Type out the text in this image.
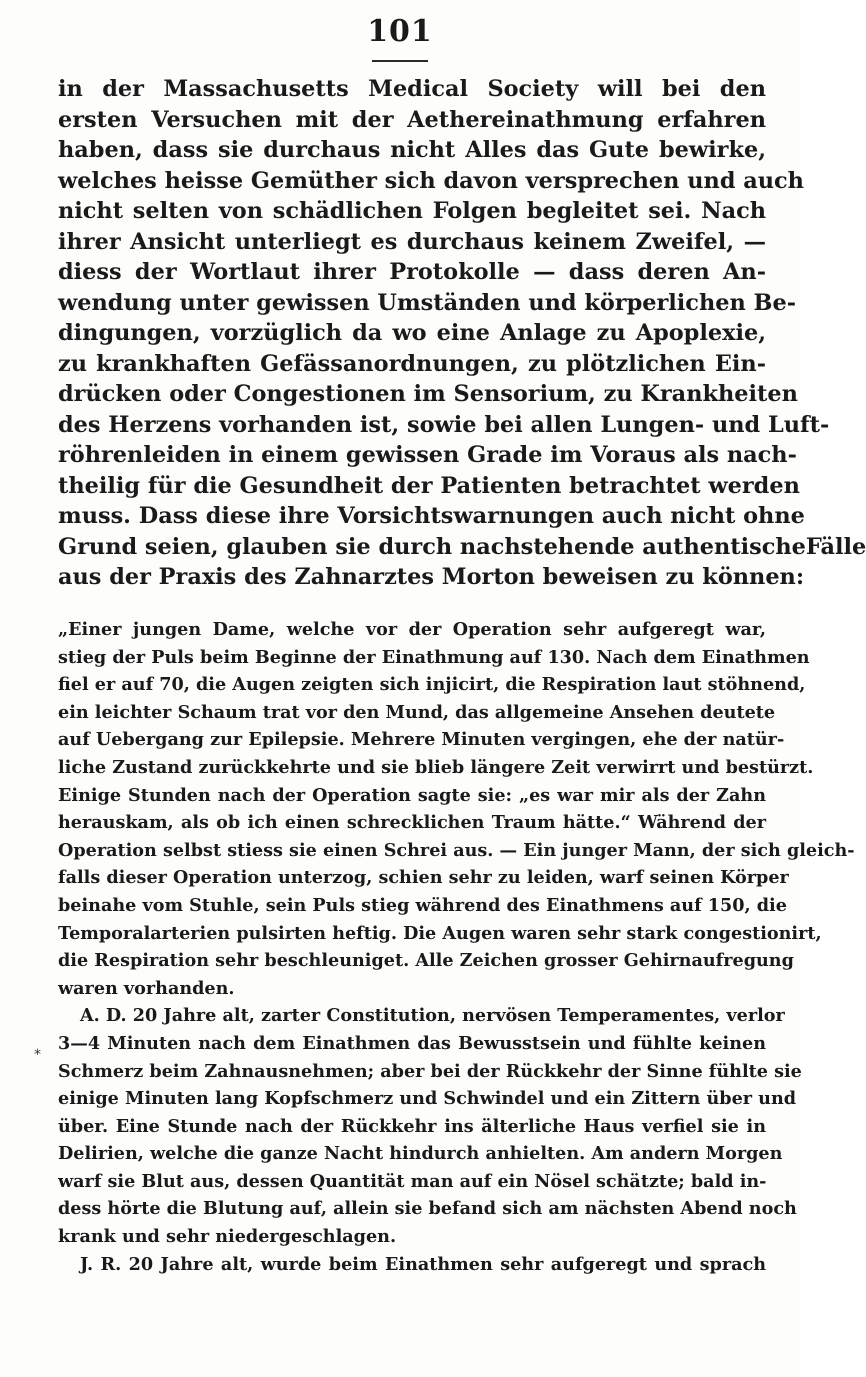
101
in der Massachusetts Medical Society will bei den
ersten Versuchen mit der Aethereinathmung erfahren
haben, dass sie durchaus nicht Alles das Gute bewirke,
welches heisse Gemüther sich davon versprechen und auch
nicht selten von schädlichen Folgen begleitet sei. Nach
ihrer Ansicht unterliegt es durchaus keinem Zweifel, —
diess der Wortlaut ihrer Protokolle — dass deren An-
wendung unter gewissen Umständen und körperlichen Be-
dingungen, vorzüglich da wo eine Anlage zu Apoplexie,
zu krankhaften Gefässanordnungen, zu plötzlichen Ein-
drücken oder Congestionen im Sensorium, zu Krankheiten
des Herzens vorhanden ist, sowie bei allen Lungen- und Luft-
röhrenleiden in einem gewissen Grade im Voraus als nach-
theilig für die Gesundheit der Patienten betrachtet werden
muss. Dass diese ihre Vorsichtswarnungen auch nicht ohne
Grund seien, glauben sie durch nachstehende authentischeFälle
aus der Praxis des Zahnarztes Morton beweisen zu können:
„Einer jungen Dame, welche vor der Operation sehr aufgeregt war,
stieg der Puls beim Beginne der Einathmung auf 130. Nach dem Einathmen
fiel er auf 70, die Augen zeigten sich injicirt, die Respiration laut stöhnend,
ein leichter Schaum trat vor den Mund, das allgemeine Ansehen deutete
auf Uebergang zur Epilepsie. Mehrere Minuten vergingen, ehe der natür-
liche Zustand zurückkehrte und sie blieb längere Zeit verwirrt und bestürzt.
Einige Stunden nach der Operation sagte sie: „es war mir als der Zahn
herauskam, als ob ich einen schrecklichen Traum hätte.“ Während der
Operation selbst stiess sie einen Schrei aus. — Ein junger Mann, der sich gleich-
falls dieser Operation unterzog, schien sehr zu leiden, warf seinen Körper
beinahe vom Stuhle, sein Puls stieg während des Einathmens auf 150, die
Temporalarterien pulsirten heftig. Die Augen waren sehr stark congestionirt,
die Respiration sehr beschleuniget. Alle Zeichen grosser Gehirnaufregung
waren vorhanden.
A. D. 20 Jahre alt, zarter Constitution, nervösen Temperamentes, verlor
3—4 Minuten nach dem Einathmen das Bewusstsein und fühlte keinen
Schmerz beim Zahnausnehmen; aber bei der Rückkehr der Sinne fühlte sie
einige Minuten lang Kopfschmerz und Schwindel und ein Zittern über und
über. Eine Stunde nach der Rückkehr ins älterliche Haus verfiel sie in
Delirien, welche die ganze Nacht hindurch anhielten. Am andern Morgen
warf sie Blut aus, dessen Quantität man auf ein Nösel schätzte; bald in-
dess hörte die Blutung auf, allein sie befand sich am nächsten Abend noch
krank und sehr niedergeschlagen.
J. R. 20 Jahre alt, wurde beim Einathmen sehr aufgeregt und sprach
*
